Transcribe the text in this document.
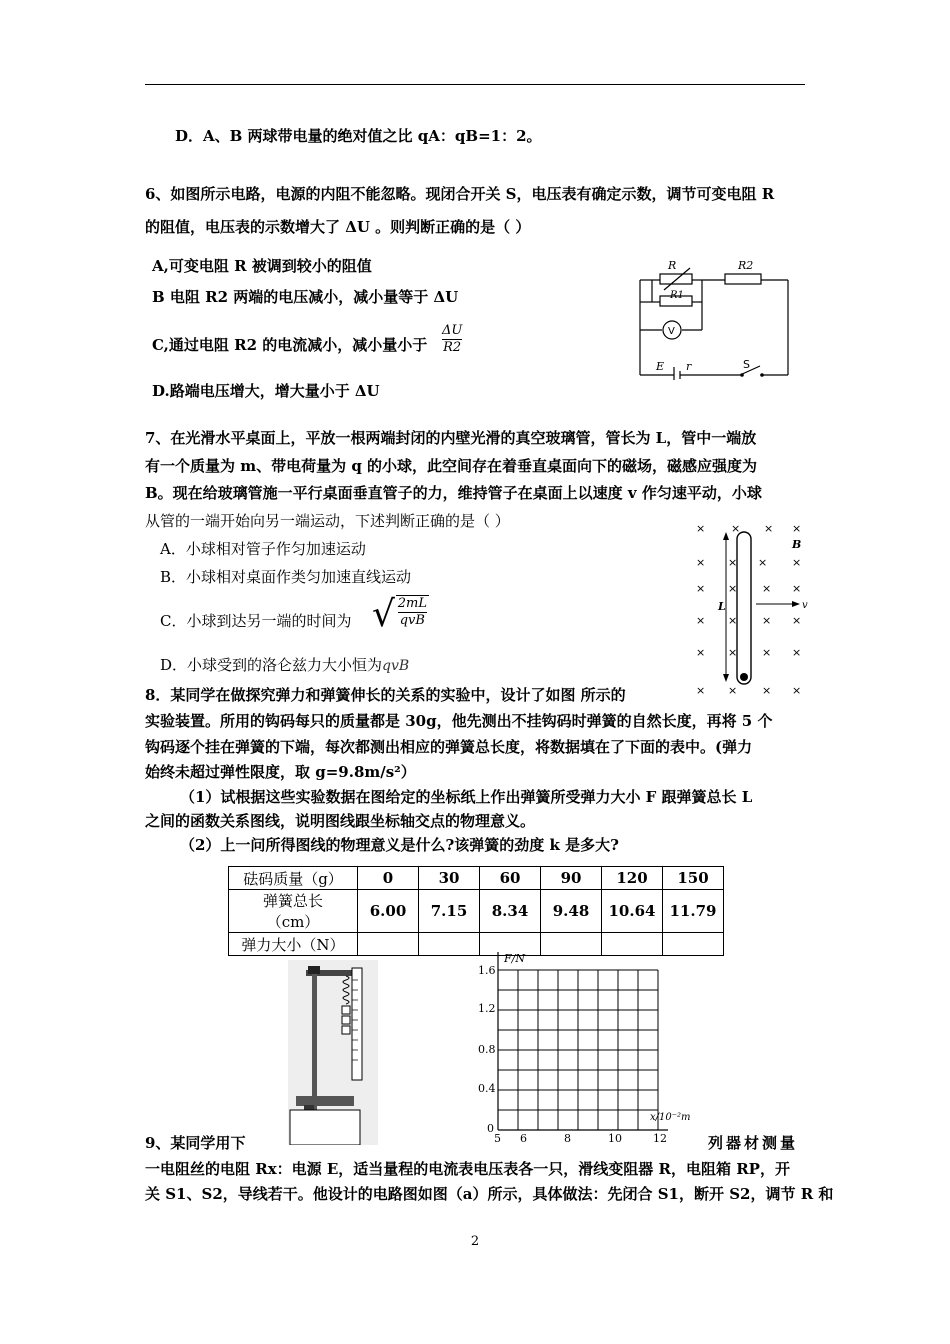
D．A、B 两球带电量的绝对值之比 qA：qB=1：2。
6、如图所示电路，电源的内阻不能忽略。现闭合开关 S，电压表有确定示数，调节可变电阻 R
的阻值，电压表的示数增大了 ΔU 。则判断正确的是（ ）
A,可变电阻 R 被调到较小的阻值
B 电阻 R2 两端的电压减小，减小量等于 ΔU
C,通过电阻 R2 的电流减小，减小量小于 $\frac{\Delta U}{R2}$
D.路端电压增大，增大量小于 ΔU
R
R1
R2
V
E r	S
7、在光滑水平桌面上，平放一根两端封闭的内壁光滑的真空玻璃管，管长为 L，管中一端放
有一个质量为 m、带电荷量为 q 的小球，此空间存在着垂直桌面向下的磁场，磁感应强度为
B。现在给玻璃管施一平行桌面垂直管子的力，维持管子在桌面上以速度 v 作匀速平动，小球
从管的一端开始向另一端运动，下述判断正确的是（ ）
A．小球相对管子作匀加速运动
B．小球相对桌面作类匀加速直线运动
C．小球到达另一端的时间为 √ $\frac{2mL}{\text{qvB}}$
D．小球受到的洛仑兹力大小恒为qvB
× × × ×
× × × ×
× × × ×
× × × ×
× × × ×
× × × ×
B
L	v
8．某同学在做探究弹力和弹簧伸长的关系的实验中，设计了如图 所示的
实验装置。所用的钩码每只的质量都是 30g，他先测出不挂钩码时弹簧的自然长度，再将 5 个
钩码逐个挂在弹簧的下端，每次都测出相应的弹簧总长度，将数据填在了下面的表中。(弹力
始终未超过弹性限度，取 g=9.8m/s²）
（1）试根据这些实验数据在图给定的坐标纸上作出弹簧所受弹力大小 F 跟弹簧总长 L
之间的函数关系图线，说明图线跟坐标轴交点的物理意义。
（2）上一问所得图线的物理意义是什么?该弹簧的劲度 k 是多大?
砝码质量（g）	0	30	60	90	120	150

弹簧总长
（cm）	6.00	7.15	8.34	9.48	10.64	11.79
弹力大小（N）						
F/N
x/10⁻²m
1.6
1.2
0.8
0.4
0
5 6	8	10	12
9、某同学用下	列器材测量
一电阻丝的电阻 Rx：电源 E，适当量程的电流表电压表各一只，滑线变阻器 R，电阻箱 RP，开
关 S1、S2，导线若干。他设计的电路图如图（a）所示，具体做法：先闭合 S1，断开 S2，调节 R 和
2
